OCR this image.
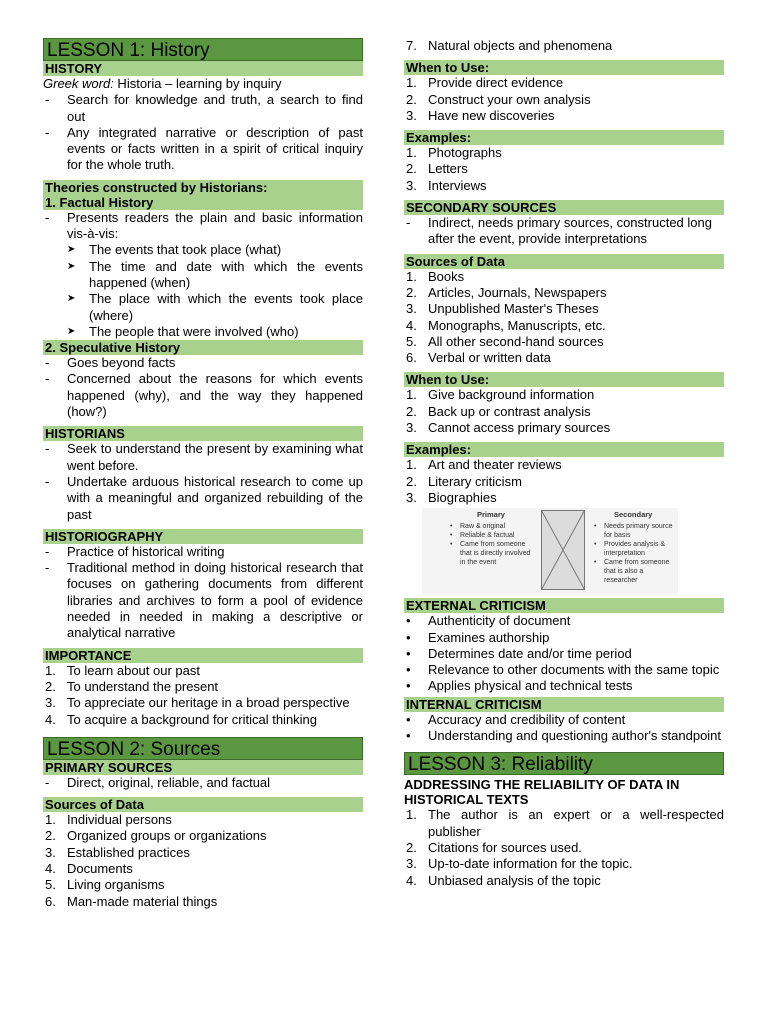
LESSON 1: History
HISTORY

Greek word: Historia – learning by inquiry

- Search for knowledge and truth, a search to find out
- Any integrated narrative or description of past events or facts written in a spirit of critical inquiry for the whole truth.
Theories constructed by Historians:
1. Factual History
- Presents readers the plain and basic information vis-à-vis:
➤ The events that took place (what)
➤ The time and date with which the events happened (when)
➤ The place with which the events took place (where)
➤ The people that were involved (who)
2. Speculative History
- Goes beyond facts
- Concerned about the reasons for which events happened (why), and the way they happened (how?)
HISTORIANS
- Seek to understand the present by examining what went before.
- Undertake arduous historical research to come up with a meaningful and organized rebuilding of the past
HISTORIOGRAPHY
- Practice of historical writing
- Traditional method in doing historical research that focuses on gathering documents from different libraries and archives to form a pool of evidence needed in needed in making a descriptive or analytical narrative
IMPORTANCE
1. To learn about our past
2. To understand the present
3. To appreciate our heritage in a broad perspective
4. To acquire a background for critical thinking
LESSON 2: Sources
PRIMARY SOURCES
- Direct, original, reliable, and factual
Sources of Data
1. Individual persons
2. Organized groups or organizations
3. Established practices
4. Documents
5. Living organisms
6. Man-made material things
7. Natural objects and phenomena
When to Use:
1. Provide direct evidence
2. Construct your own analysis
3. Have new discoveries
Examples:
1. Photographs
2. Letters
3. Interviews
SECONDARY SOURCES
- Indirect, needs primary sources, constructed long after the event, provide interpretations
Sources of Data
1. Books
2. Articles, Journals, Newspapers
3. Unpublished Master's Theses
4. Monographs, Manuscripts, etc.
5. All other second-hand sources
6. Verbal or written data
When to Use:
1. Give background information
2. Back up or contrast analysis
3. Cannot access primary sources
Examples:
1. Art and theater reviews
2. Literary criticism
3. Biographies
Primary	Secondary
• Raw & original
• Reliable & factual
• Came from someone that is directly involved in the event
• Needs primary source for basis
• Provides analysis & interpretation
• Came from someone that is also a researcher
EXTERNAL CRITICISM
• Authenticity of document
• Examines authorship
• Determines date and/or time period
• Relevance to other documents with the same topic
• Applies physical and technical tests
INTERNAL CRITICISM
• Accuracy and credibility of content
• Understanding and questioning author's standpoint
LESSON 3: Reliability
ADDRESSING THE RELIABILITY OF DATA IN HISTORICAL TEXTS
1. The author is an expert or a well-respected publisher
2. Citations for sources used.
3. Up-to-date information for the topic.
4. Unbiased analysis of the topic
